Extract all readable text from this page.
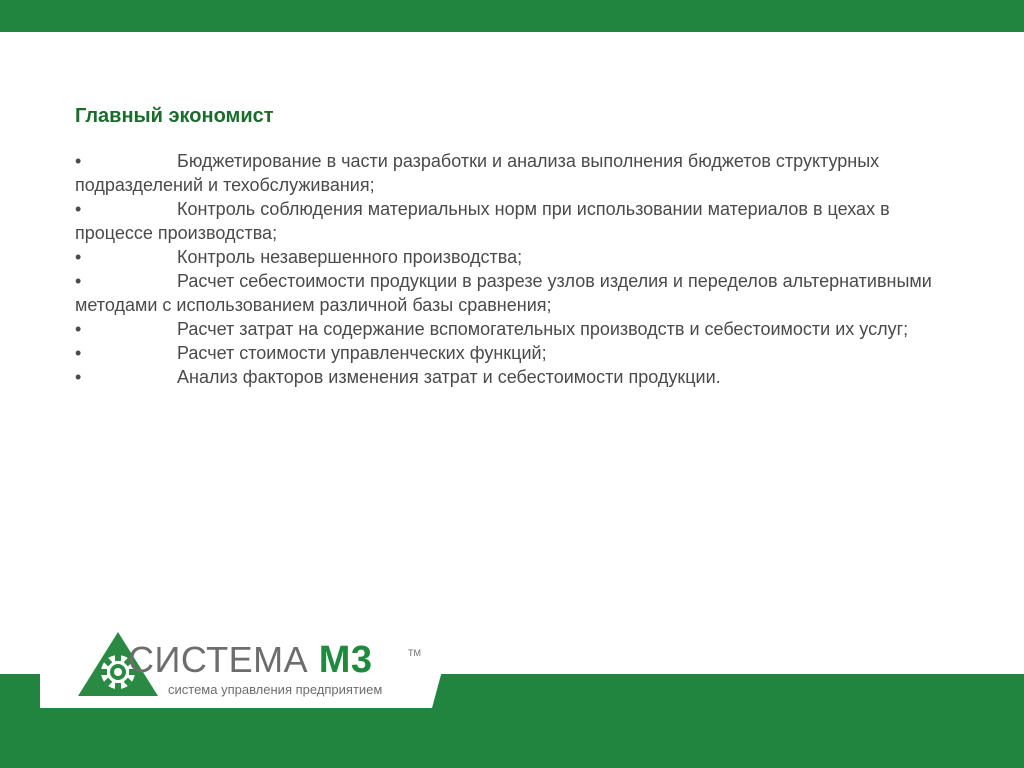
Главный экономист
•	Бюджетирование в части разработки и анализа выполнения бюджетов структурных подразделений и техобслуживания;
•	Контроль соблюдения материальных норм при использовании материалов в цехах в процессе производства;
•	Контроль незавершенного производства;
•	Расчет себестоимости продукции в разрезе узлов изделия и переделов альтернативными методами с использованием различной базы сравнения;
•	Расчет затрат на содержание вспомогательных производств и себестоимости их услуг;
•	Расчет стоимости управленческих функций;
•	Анализ факторов изменения затрат и себестоимости продукции.
СИСТЕМА М3	TM
система управления предприятием
